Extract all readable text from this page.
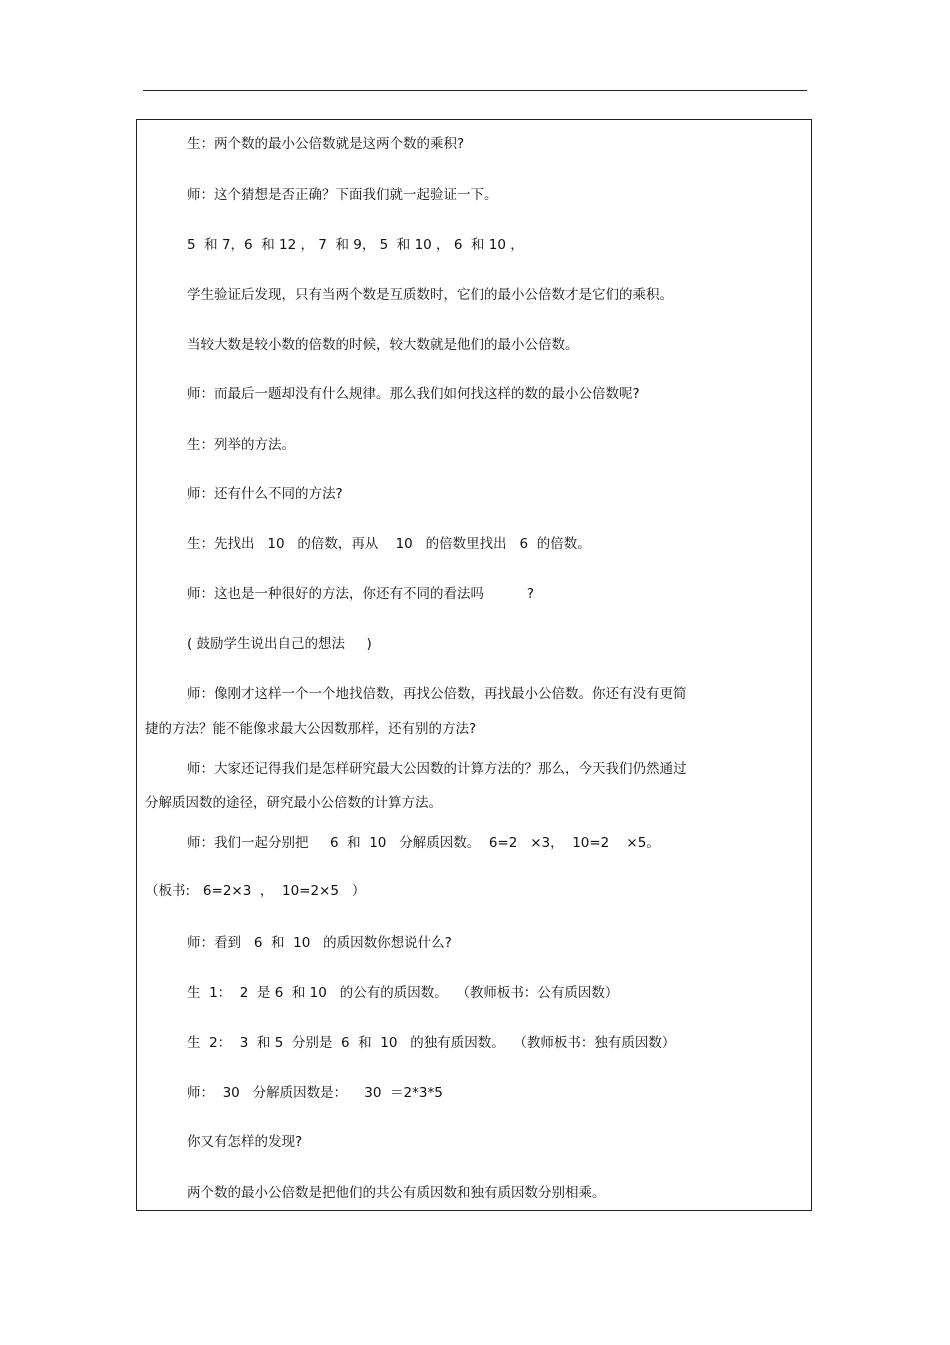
生：两个数的最小公倍数就是这两个数的乘积?
师：这个猜想是否正确？下面我们就一起验证一下。
5  和 7，6  和 12 ， 7  和 9， 5  和 10 ， 6  和 10 ，
学生验证后发现，只有当两个数是互质数时，它们的最小公倍数才是它们的乘积。
当较大数是较小数的倍数的时候，较大数就是他们的最小公倍数。
师：而最后一题却没有什么规律。那么我们如何找这样的数的最小公倍数呢?
生：列举的方法。
师：还有什么不同的方法?
生：先找出   10   的倍数，再从    10   的倍数里找出   6  的倍数。
师：这也是一种很好的方法，你还有不同的看法吗          ?
( 鼓励学生说出自己的想法     )
师：像刚才这样一个一个地找倍数，再找公倍数，再找最小公倍数。你还有没有更简
捷的方法？能不能像求最大公因数那样，还有别的方法?
师：大家还记得我们是怎样研究最大公因数的计算方法的？那么，今天我们仍然通过
分解质因数的途径，研究最小公倍数的计算方法。
师：我们一起分别把     6  和  10   分解质因数。  6=2   ×3，  10=2    ×5。
（板书:   6=2×3  ，  10=2×5   ）
师：看到   6  和  10   的质因数你想说什么?
生  1：  2  是 6  和 10   的公有的质因数。  （教师板书：公有质因数）
生  2：  3  和 5  分别是  6  和  10   的独有质因数。  （教师板书：独有质因数）
师：  30   分解质因数是：    30  ＝2*3*5
你又有怎样的发现?
两个数的最小公倍数是把他们的共公有质因数和独有质因数分别相乘。
